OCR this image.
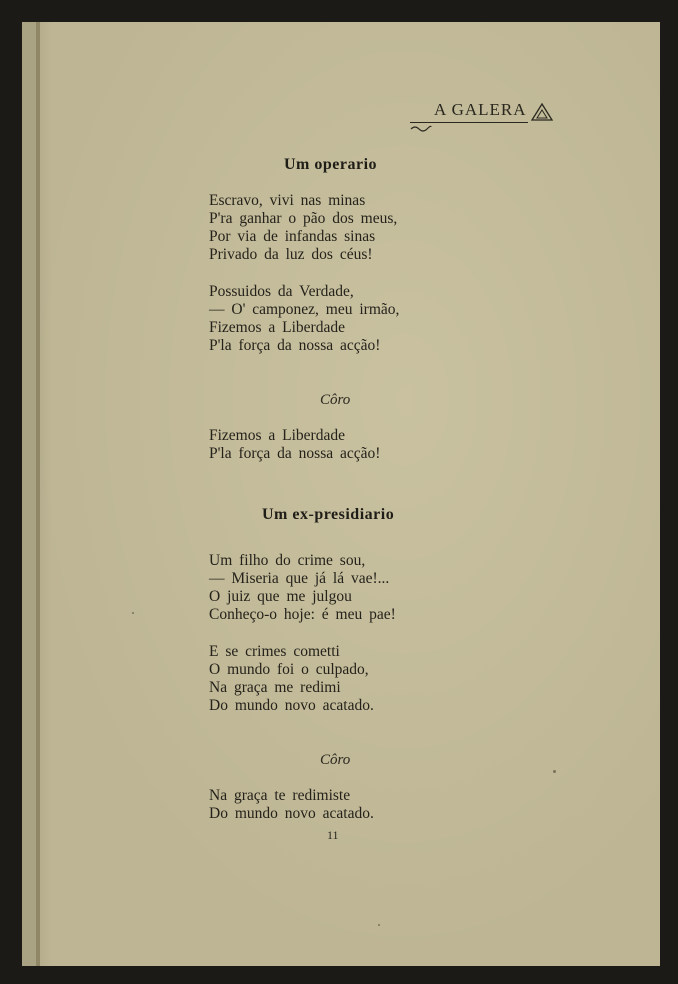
A GALERA
Um operario
Escravo, vivi nas minas
P'ra ganhar o pão dos meus,
Por via de infandas sinas
Privado da luz dos céus!
Possuidos da Verdade,
— O' camponez, meu irmão,
Fizemos a Liberdade
P'la força da nossa acção!
Côro
Fizemos a Liberdade
P'la força da nossa acção!
Um ex-presidiario
Um filho do crime sou,
— Miseria que já lá vae!...
O juiz que me julgou
Conheço-o hoje: é meu pae!
E se crimes cometti
O mundo foi o culpado,
Na graça me redimi
Do mundo novo acatado.
Côro
Na graça te redimiste
Do mundo novo acatado.
11
